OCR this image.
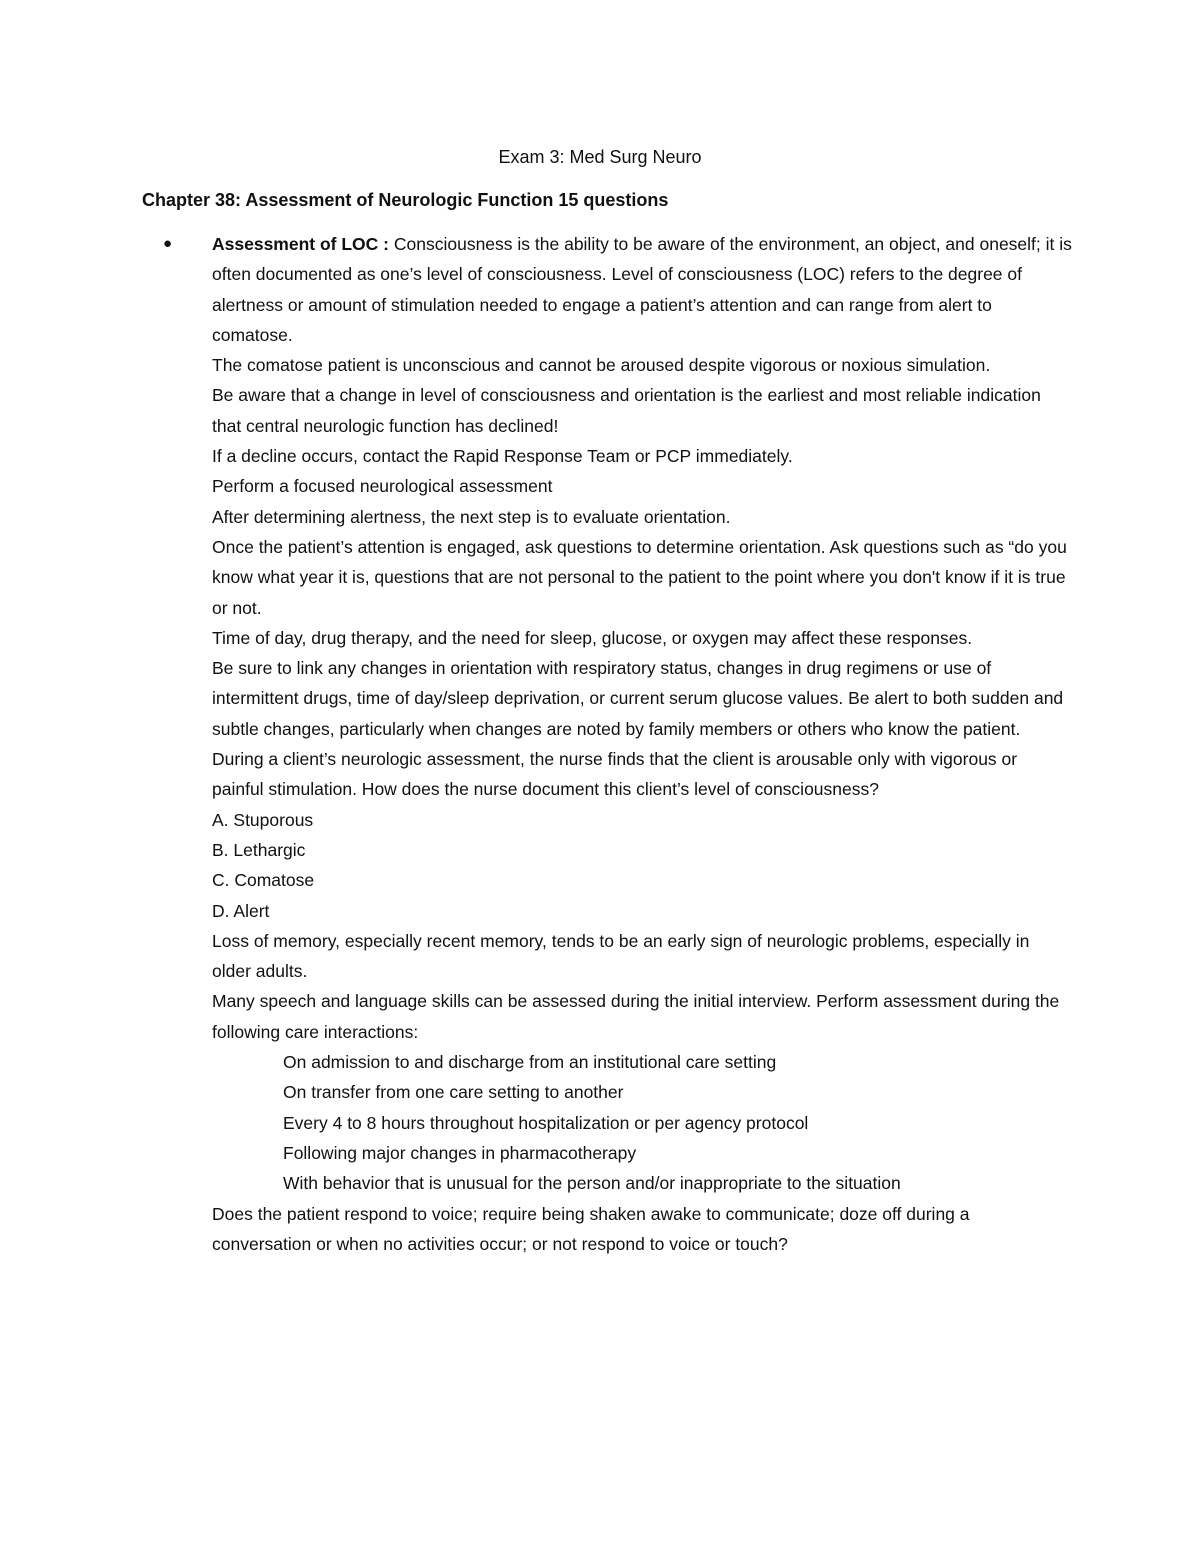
Exam 3: Med Surg Neuro
Chapter 38: Assessment of Neurologic Function 15 questions
● Assessment of LOC : Consciousness is the ability to be aware of the environment, an object, and oneself; it is often documented as one’s level of consciousness. Level of consciousness (LOC) refers to the degree of alertness or amount of stimulation needed to engage a patient’s attention and can range from alert to comatose.

The comatose patient is unconscious and cannot be aroused despite vigorous or noxious simulation.

Be aware that a change in level of consciousness and orientation is the earliest and most reliable indication that central neurologic function has declined!

If a decline occurs, contact the Rapid Response Team or PCP immediately.

Perform a focused neurological assessment

After determining alertness, the next step is to evaluate orientation.

Once the patient’s attention is engaged, ask questions to determine orientation. Ask questions such as “do you know what year it is, questions that are not personal to the patient to the point where you don't know if it is true or not.

Time of day, drug therapy, and the need for sleep, glucose, or oxygen may affect these responses.

Be sure to link any changes in orientation with respiratory status, changes in drug regimens or use of intermittent drugs, time of day/sleep deprivation, or current serum glucose values. Be alert to both sudden and subtle changes, particularly when changes are noted by family members or others who know the patient.

During a client’s neurologic assessment, the nurse finds that the client is arousable only with vigorous or painful stimulation. How does the nurse document this client’s level of consciousness?

A. Stuporous

B. Lethargic

C. Comatose

D. Alert

Loss of memory, especially recent memory, tends to be an early sign of neurologic problems, especially in older adults.

Many speech and language skills can be assessed during the initial interview. Perform assessment during the following care interactions:

On admission to and discharge from an institutional care setting

On transfer from one care setting to another

Every 4 to 8 hours throughout hospitalization or per agency protocol

Following major changes in pharmacotherapy

With behavior that is unusual for the person and/or inappropriate to the situation

Does the patient respond to voice; require being shaken awake to communicate; doze off during a conversation or when no activities occur; or not respond to voice or touch?
